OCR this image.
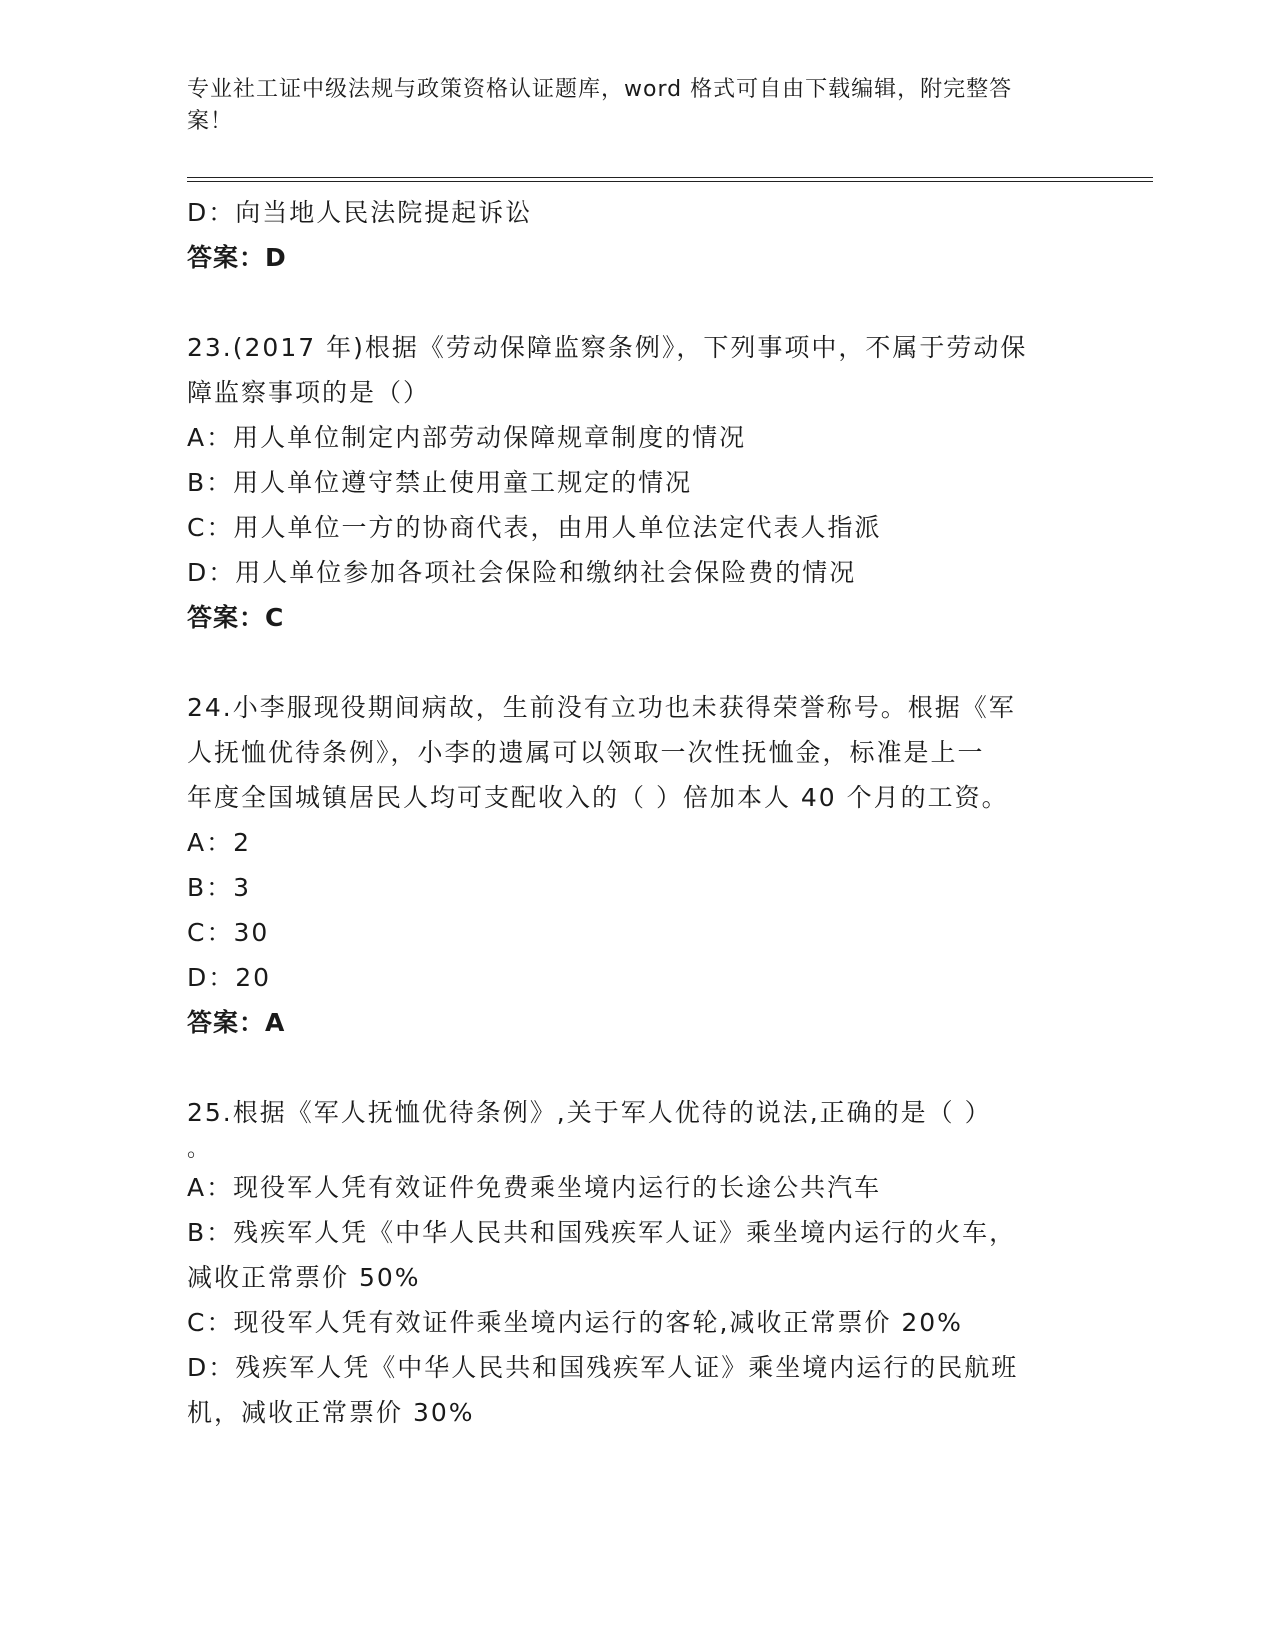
专业社工证中级法规与政策资格认证题库，word 格式可自由下载编辑，附完整答
案！
D：向当地人民法院提起诉讼
答案：D
23.(2017 年)根据《劳动保障监察条例》，下列事项中，不属于劳动保
障监察事项的是（）
A：用人单位制定内部劳动保障规章制度的情况
B：用人单位遵守禁止使用童工规定的情况
C：用人单位一方的协商代表，由用人单位法定代表人指派
D：用人单位参加各项社会保险和缴纳社会保险费的情况
答案：C
24.小李服现役期间病故，生前没有立功也未获得荣誉称号。根据《军
人抚恤优待条例》，小李的遗属可以领取一次性抚恤金，标准是上一
年度全国城镇居民人均可支配收入的（ ）倍加本人 40 个月的工资。
A：2
B：3
C：30
D：20
答案：A
25.根据《军人抚恤优待条例》,关于军人优待的说法,正确的是（ ）
。
A：现役军人凭有效证件免费乘坐境内运行的长途公共汽车
B：残疾军人凭《中华人民共和国残疾军人证》乘坐境内运行的火车，
减收正常票价 50%
C：现役军人凭有效证件乘坐境内运行的客轮,减收正常票价 20%
D：残疾军人凭《中华人民共和国残疾军人证》乘坐境内运行的民航班
机，减收正常票价 30%
